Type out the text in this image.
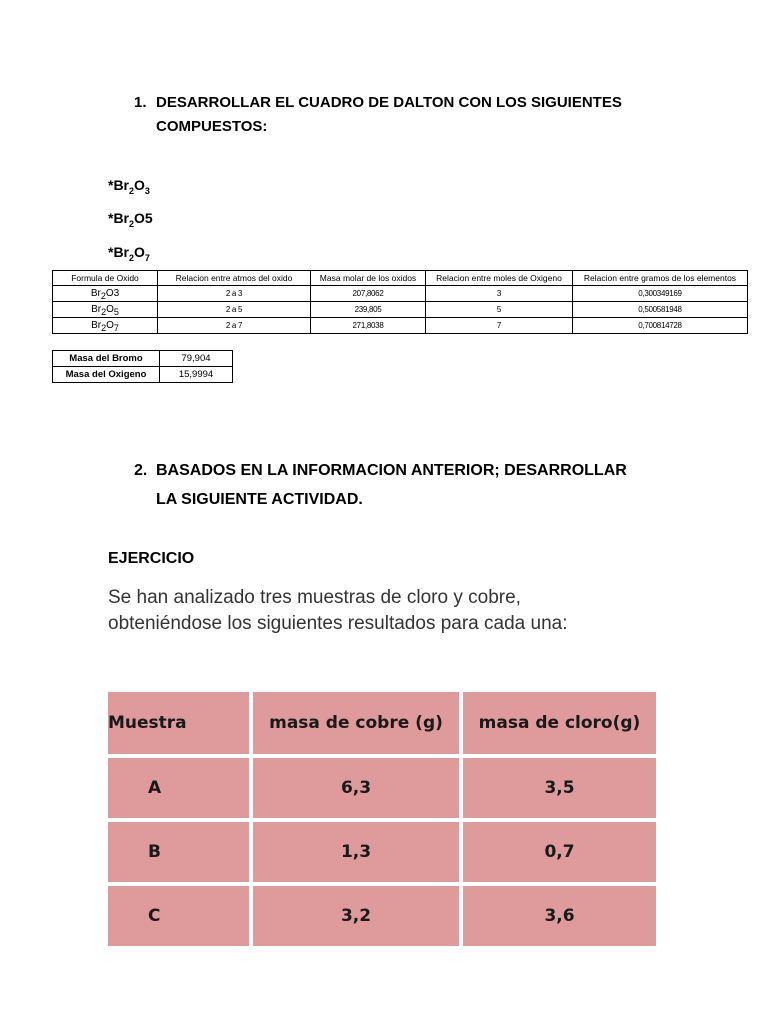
1. DESARROLLAR EL CUADRO DE DALTON CON LOS SIGUIENTES
COMPUESTOS:
$*Br_2O_3$
$*Br_2O5$
$*Br_2O_7$
Formula de Oxido	Relacion entre atmos del oxido	Masa molar de los oxidos	Relacion entre moles de Oxigeno	Relacion entre gramos de los elementos
$Br_2O3$	2 a 3	207,8062	3	0,300349169
$Br_2O_5$	2 a 5	239,805	5	0,500581948
$Br_2O_7$	2 a 7	271,8038	7	0,700814728
Masa del Bromo	79,904
Masa del Oxigeno	15,9994
2. BASADOS EN LA INFORMACION ANTERIOR; DESARROLLAR
LA SIGUIENTE ACTIVIDAD.
EJERCICIO
Se han analizado tres muestras de cloro y cobre,
obteniéndose los siguientes resultados para cada una:
Muestra	masa de cobre (g)	masa de cloro(g)
A	6,3	3,5
B	1,3	0,7
C	3,2	3,6
